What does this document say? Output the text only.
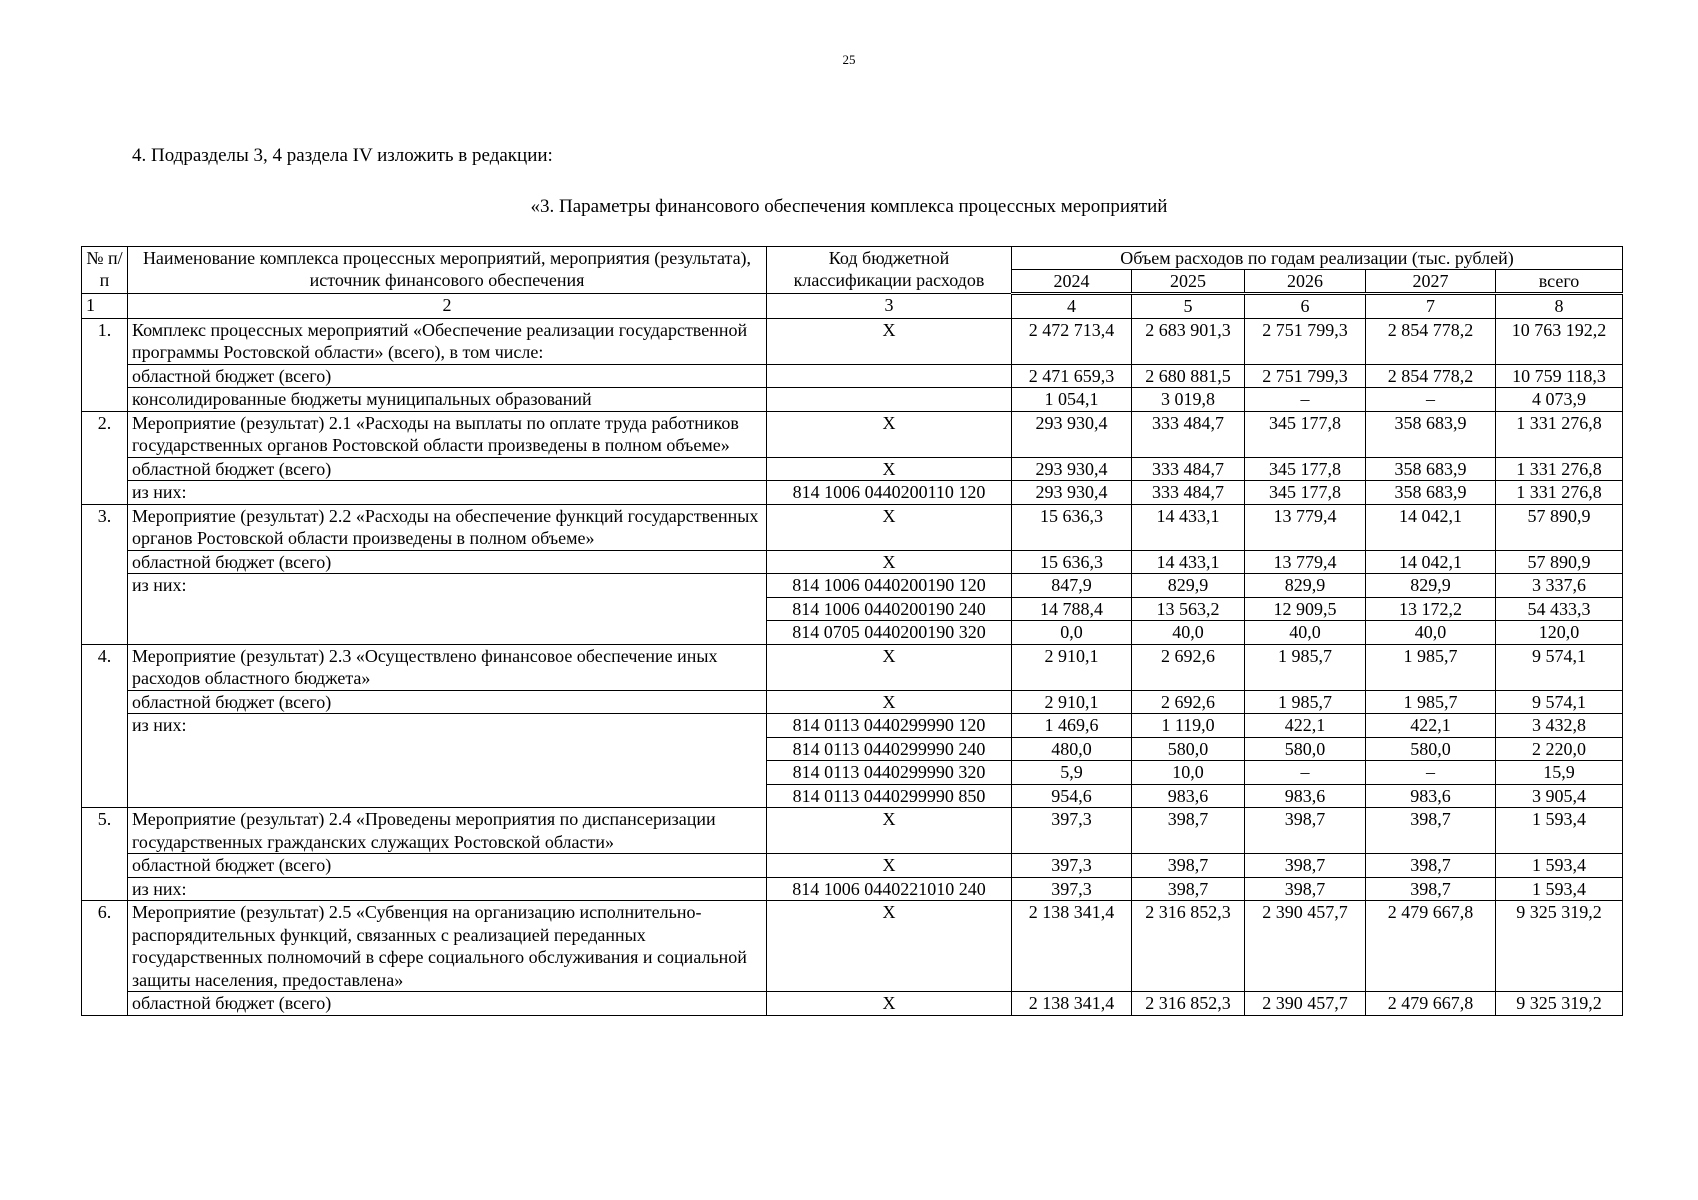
25
4. Подразделы 3, 4 раздела IV изложить в редакции:
«3. Параметры финансового обеспечения комплекса процессных мероприятий
№ п/п	Наименование комплекса процессных мероприятий, мероприятия (результата), источник финансового обеспечения	Код бюджетной классификации расходов	Объем расходов по годам реализации (тыс. рублей)				
			2024	2025	2026	2027	всего
1	2	3	4	5	6	7	8
1.	Комплекс процессных мероприятий «Обеспечение реализации государственной программы Ростовской области» (всего), в том числе:	X	2 472 713,4	2 683 901,3	2 751 799,3	2 854 778,2	10 763 192,2
	областной бюджет (всего)		2 471 659,3	2 680 881,5	2 751 799,3	2 854 778,2	10 759 118,3
	консолидированные бюджеты муниципальных образований		1 054,1	3 019,8	–	–	4 073,9
2.	Мероприятие (результат) 2.1 «Расходы на выплаты по оплате труда работников государственных органов Ростовской области произведены в полном объеме»	X	293 930,4	333 484,7	345 177,8	358 683,9	1 331 276,8
	областной бюджет (всего)	X	293 930,4	333 484,7	345 177,8	358 683,9	1 331 276,8
	из них:	814 1006 0440200110 120	293 930,4	333 484,7	345 177,8	358 683,9	1 331 276,8
3.	Мероприятие (результат) 2.2 «Расходы на обеспечение функций государственных органов Ростовской области произведены в полном объеме»	X	15 636,3	14 433,1	13 779,4	14 042,1	57 890,9
	областной бюджет (всего)	X	15 636,3	14 433,1	13 779,4	14 042,1	57 890,9
	из них:	814 1006 0440200190 120	847,9	829,9	829,9	829,9	3 337,6
		814 1006 0440200190 240	14 788,4	13 563,2	12 909,5	13 172,2	54 433,3
		814 0705 0440200190 320	0,0	40,0	40,0	40,0	120,0
4.	Мероприятие (результат) 2.3 «Осуществлено финансовое обеспечение иных расходов областного бюджета»	X	2 910,1	2 692,6	1 985,7	1 985,7	9 574,1
	областной бюджет (всего)	X	2 910,1	2 692,6	1 985,7	1 985,7	9 574,1
	из них:	814 0113 0440299990 120	1 469,6	1 119,0	422,1	422,1	3 432,8
		814 0113 0440299990 240	480,0	580,0	580,0	580,0	2 220,0
		814 0113 0440299990 320	5,9	10,0	–	–	15,9
		814 0113 0440299990 850	954,6	983,6	983,6	983,6	3 905,4
5.	Мероприятие (результат) 2.4 «Проведены мероприятия по диспансеризации государственных гражданских служащих Ростовской области»	X	397,3	398,7	398,7	398,7	1 593,4
	областной бюджет (всего)	X	397,3	398,7	398,7	398,7	1 593,4
	из них:	814 1006 0440221010 240	397,3	398,7	398,7	398,7	1 593,4
6.	Мероприятие (результат) 2.5 «Субвенция на организацию исполнительно-распорядительных функций, связанных с реализацией переданных государственных полномочий в сфере социального обслуживания и социальной защиты населения, предоставлена»	X	2 138 341,4	2 316 852,3	2 390 457,7	2 479 667,8	9 325 319,2
	областной бюджет (всего)	X	2 138 341,4	2 316 852,3	2 390 457,7	2 479 667,8	9 325 319,2
